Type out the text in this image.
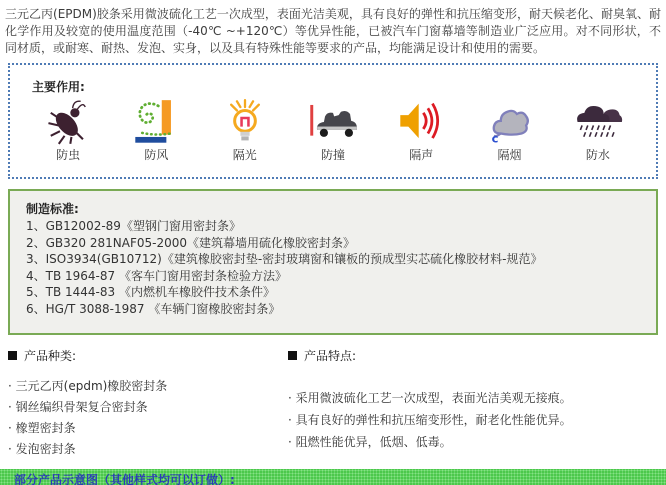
三元乙丙(EPDM)胶条采用微波硫化工艺一次成型，表面光洁美观，具有良好的弹性和抗压缩变形，耐天候老化、耐臭氧、耐化学作用及较宽的使用温度范围（-40℃ ~+120℃）等优异性能，已被汽车门窗幕墙等制造业广泛应用。对不同形状，不同材质，或耐寒、耐热、发泡、实身，以及具有特殊性能等要求的产品，均能满足设计和使用的需要。
主要作用:
防虫	防风	隔光	防撞	隔声
c
隔烟	防水
制造标准:
1、GB12002-89《塑钢门窗用密封条》
2、GB320 281NAF05-2000《建筑幕墙用硫化橡胶密封条》
3、ISO3934(GB10712)《建筑橡胶密封垫-密封玻璃窗和镶板的预成型实芯硫化橡胶材料-规范》
4、TB 1964-87 《客车门窗用密封条检验方法》
5、TB 1444-83 《内燃机车橡胶件技术条件》
6、HG/T 3088-1987 《车辆门窗橡胶密封条》
产品种类:
· 三元乙丙(epdm)橡胶密封条
· 钢丝编织骨架复合密封条
· 橡塑密封条
· 发泡密封条
产品特点:
· 采用微波硫化工艺一次成型，表面光洁美观无接痕。
· 具有良好的弹性和抗压缩变形性，耐老化性能优异。
· 阻燃性能优异，低烟、低毒。
部分产品示意图（其他样式均可以订做）:
